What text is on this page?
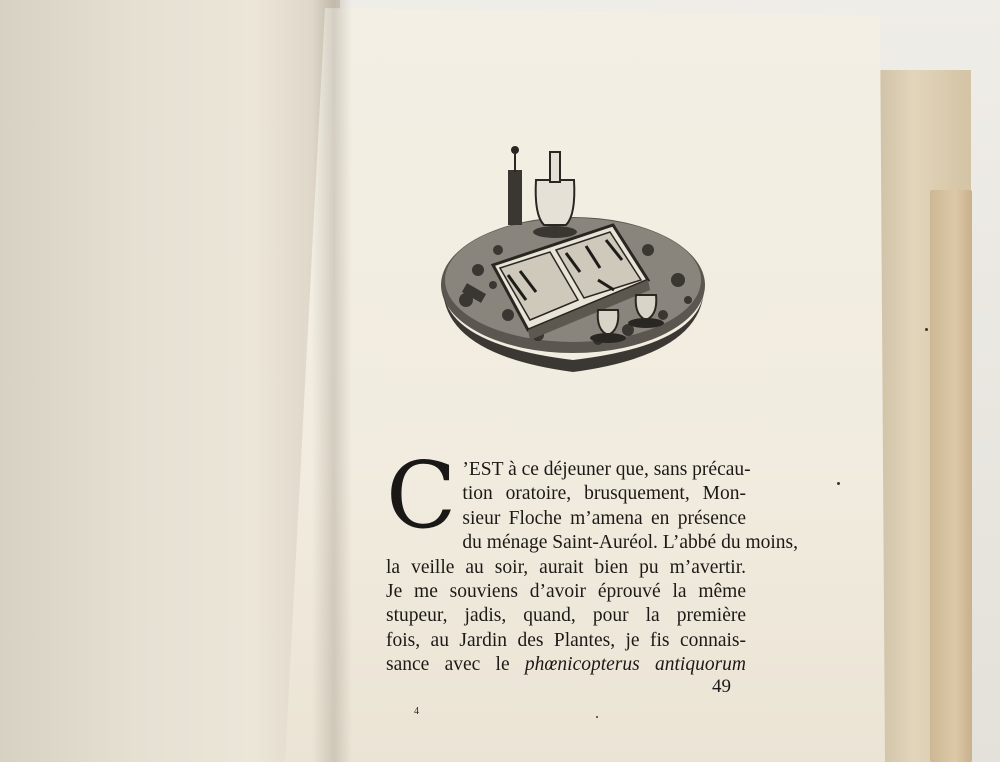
C ’EST à ce déjeuner que, sans précau-
tion oratoire, brusquement, Mon-
sieur Floche m’amena en présence
du ménage Saint-Auréol. L’abbé du moins,
la veille au soir, aurait bien pu m’avertir.
Je me souviens d’avoir éprouvé la même
stupeur, jadis, quand, pour la première
fois, au Jardin des Plantes, je fis connais-
sance avec le phœnicopterus antiquorum
49
4
